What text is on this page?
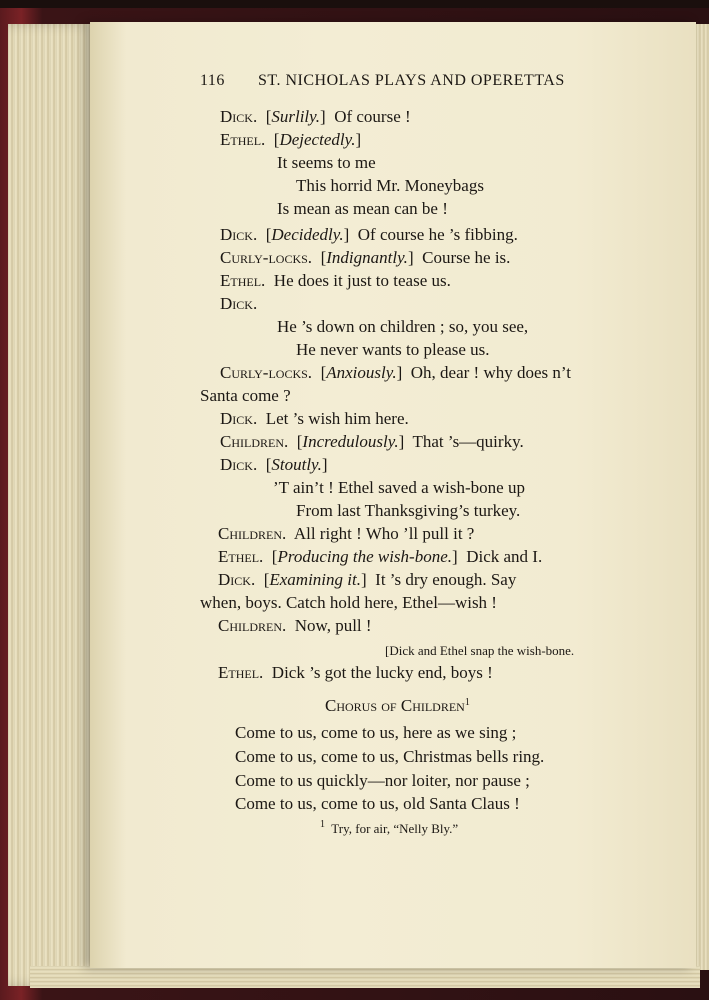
116 ST. NICHOLAS PLAYS AND OPERETTAS
Dick.  [Surlily.]  Of course !
Ethel.  [Dejectedly.]
It seems to me
This horrid Mr. Moneybags
Is mean as mean can be !
Dick.  [Decidedly.]  Of course he ’s fibbing.
Curly-locks.  [Indignantly.]  Course he is.
Ethel. He does it just to tease us.
Dick.
He ’s down on children ; so, you see,
He never wants to please us.
Curly-locks.  [Anxiously.]  Oh, dear ! why does n’t
Santa come ?
Dick. Let ’s wish him here.
Children.  [Incredulously.]  That ’s—quirky.
Dick.  [Stoutly.]
’T ain’t ! Ethel saved a wish-bone up
From last Thanksgiving’s turkey.
Children. All right ! Who ’ll pull it ?
Ethel.  [Producing the wish-bone.]  Dick and I.
Dick.  [Examining it.]  It ’s dry enough. Say
when, boys. Catch hold here, Ethel—wish !
Children. Now, pull !
[Dick and Ethel snap the wish-bone.
Ethel. Dick ’s got the lucky end, boys !
Chorus of Children$^1$
Come to us, come to us, here as we sing ;
Come to us, come to us, Christmas bells ring.
Come to us quickly—nor loiter, nor pause ;
Come to us, come to us, old Santa Claus !
$^1$ Try, for air, “Nelly Bly.”
